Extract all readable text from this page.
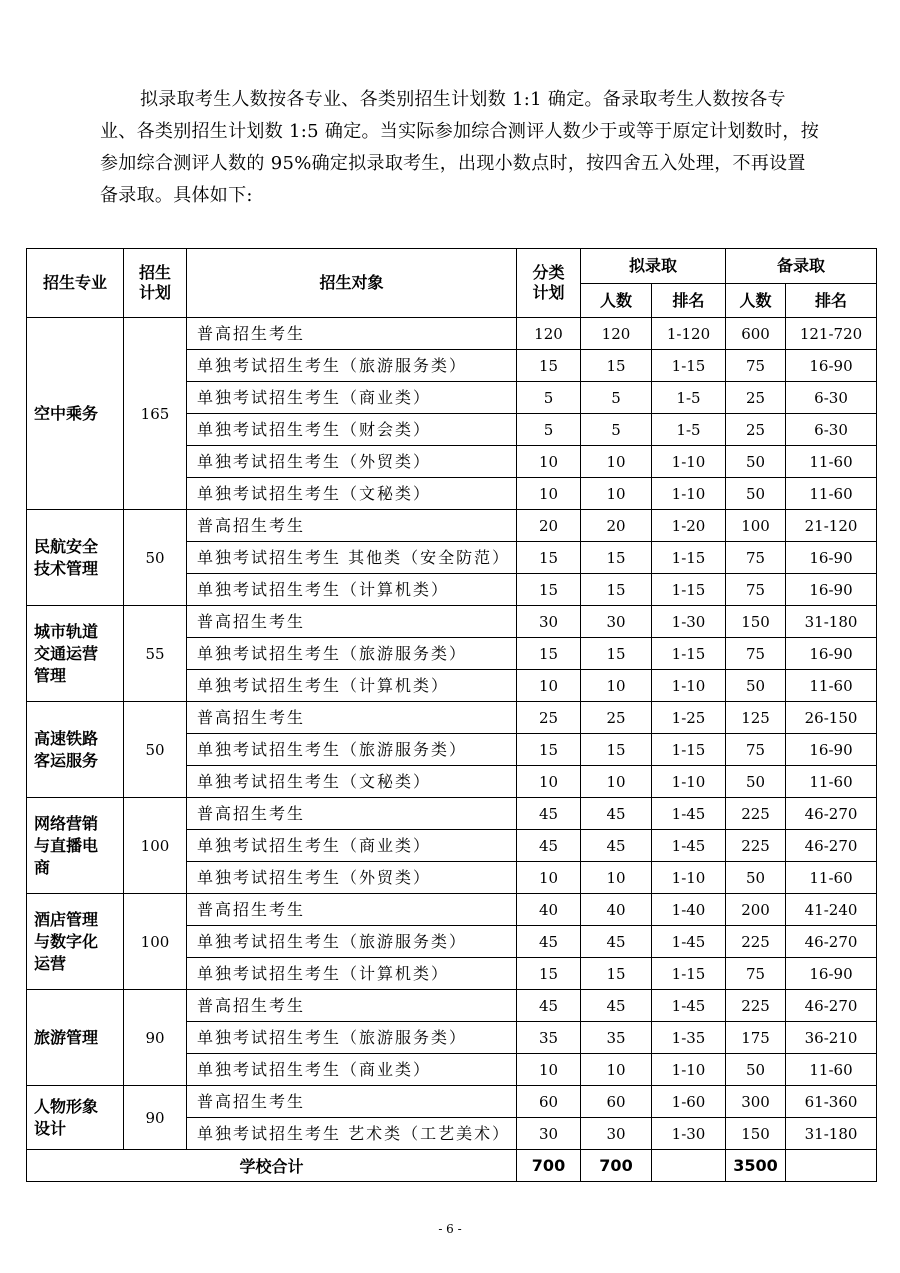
拟录取考生人数按各专业、各类别招生计划数 1:1 确定。备录取考生人数按各专业、各类别招生计划数 1:5 确定。当实际参加综合测评人数少于或等于原定计划数时，按参加综合测评人数的 95%确定拟录取考生，出现小数点时，按四舍五入处理，不再设置备录取。具体如下:

招生专业	招生计划	招生对象	分类计划	拟录取		备录取	
				人数	排名	人数	排名
空中乘务	165	普高招生考生	120	120	1-120	600	121-720
		单独考试招生考生（旅游服务类）	15	15	1-15	75	16-90
		单独考试招生考生（商业类）	5	5	1-5	25	6-30
		单独考试招生考生（财会类）	5	5	1-5	25	6-30
		单独考试招生考生（外贸类）	10	10	1-10	50	11-60
		单独考试招生考生（文秘类）	10	10	1-10	50	11-60
民航安全技术管理	50	普高招生考生	20	20	1-20	100	21-120
		单独考试招生考生 其他类（安全防范）	15	15	1-15	75	16-90
		单独考试招生考生（计算机类）	15	15	1-15	75	16-90
城市轨道交通运营管理	55	普高招生考生	30	30	1-30	150	31-180
		单独考试招生考生（旅游服务类）	15	15	1-15	75	16-90
		单独考试招生考生（计算机类）	10	10	1-10	50	11-60
高速铁路客运服务	50	普高招生考生	25	25	1-25	125	26-150
		单独考试招生考生（旅游服务类）	15	15	1-15	75	16-90
		单独考试招生考生（文秘类）	10	10	1-10	50	11-60
网络营销与直播电商	100	普高招生考生	45	45	1-45	225	46-270
		单独考试招生考生（商业类）	45	45	1-45	225	46-270
		单独考试招生考生（外贸类）	10	10	1-10	50	11-60
酒店管理与数字化运营	100	普高招生考生	40	40	1-40	200	41-240
		单独考试招生考生（旅游服务类）	45	45	1-45	225	46-270
		单独考试招生考生（计算机类）	15	15	1-15	75	16-90
旅游管理	90	普高招生考生	45	45	1-45	225	46-270
		单独考试招生考生（旅游服务类）	35	35	1-35	175	36-210
		单独考试招生考生（商业类）	10	10	1-10	50	11-60
人物形象设计	90	普高招生考生	60	60	1-60	300	61-360
		单独考试招生考生 艺术类（工艺美术）	30	30	1-30	150	31-180
学校合计			700	700		3500	
- 6 -
